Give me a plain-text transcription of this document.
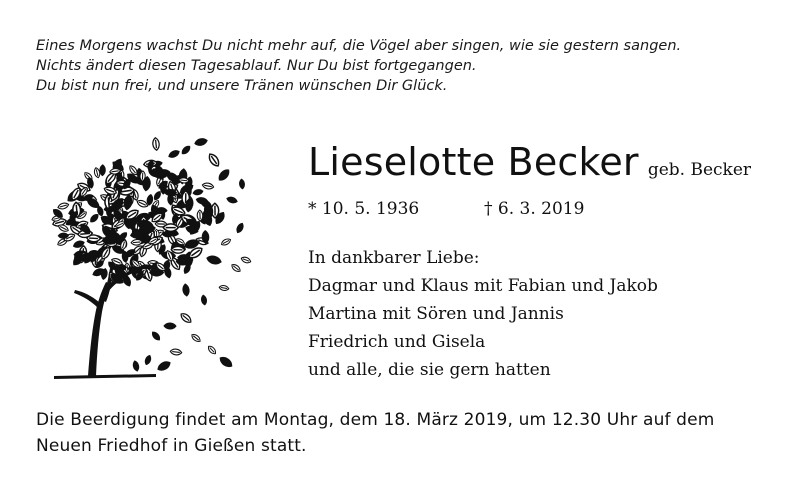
Eines Morgens wachst Du nicht mehr auf, die Vögel aber singen, wie sie gestern sangen.
Nichts ändert diesen Tagesablauf. Nur Du bist fortgegangen.
Du bist nun frei, und unsere Tränen wünschen Dir Glück.
Lieselotte Becker geb. Becker
* 10. 5. 1936	† 6. 3. 2019
In dankbarer Liebe:
Dagmar und Klaus mit Fabian und Jakob
Martina mit Sören und Jannis
Friedrich und Gisela
und alle, die sie gern hatten
Die Beerdigung findet am Montag, dem 18. März 2019, um 12.30 Uhr auf dem
Neuen Friedhof in Gießen statt.
